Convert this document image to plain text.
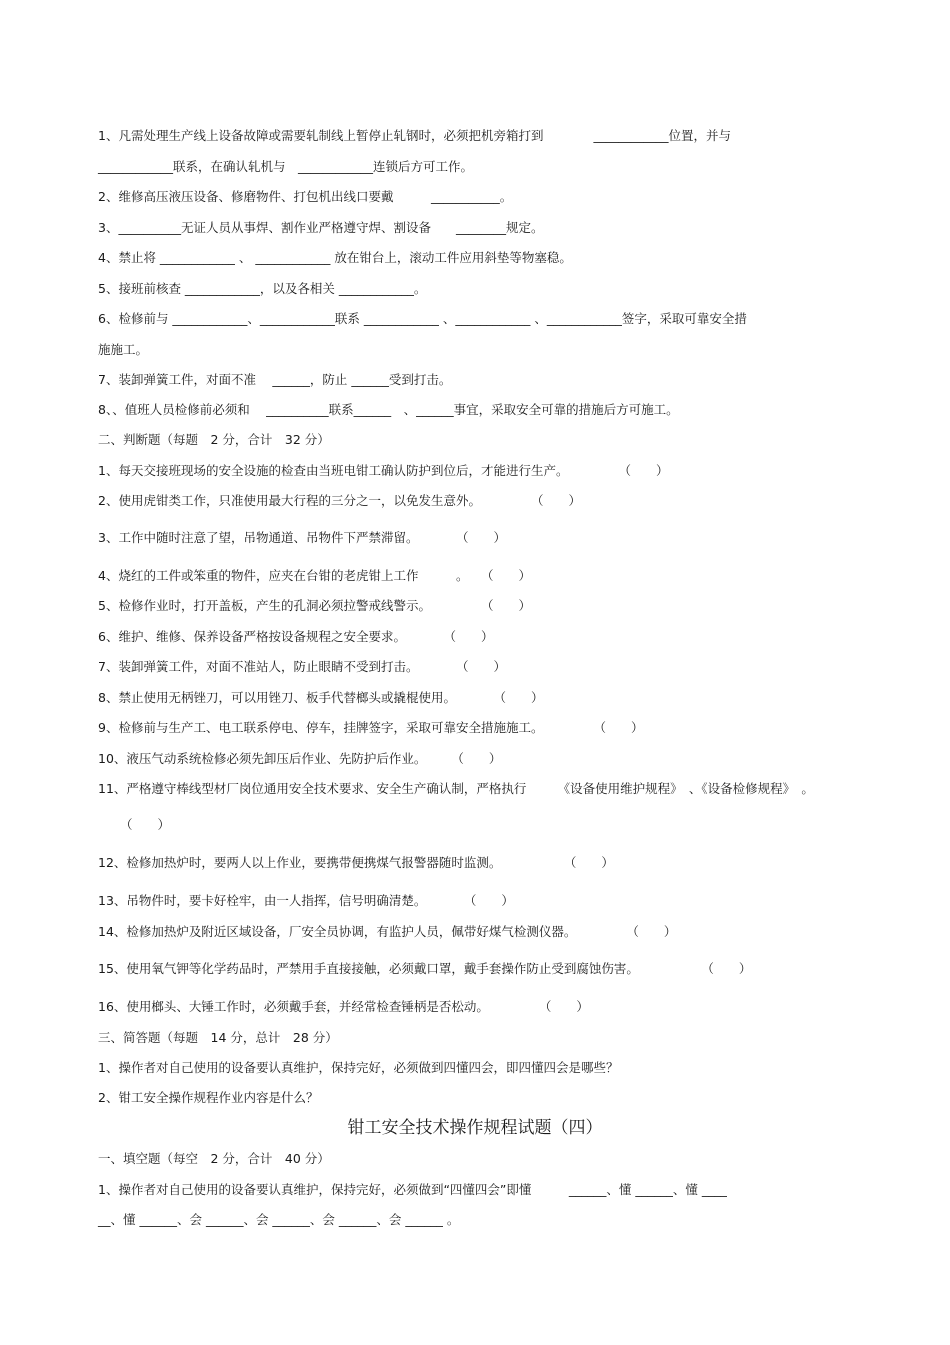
1、凡需处理生产线上设备故障或需要轧制线上暂停止轧钢时，必须把机旁箱打到　　　　____________位置，并与
____________联系，在确认轧机与　____________连锁后方可工作。
2、维修高压液压设备、修磨物件、打包机出线口要戴　　　___________。
3、__________无证人员从事焊、割作业严格遵守焊、割设备　　________规定。
4、禁止将 ____________ 、 ____________ 放在钳台上，滚动工件应用斜垫等物塞稳。
5、接班前核查 ____________，以及各相关 ____________。
6、检修前与 ____________、____________联系 ____________ 、____________ 、____________签字，采取可靠安全措
施施工。
7、装卸弹簧工件，对面不准　 ______，防止 ______受到打击。
8、、值班人员检修前必须和　 __________联系______　、______事宜，采取安全可靠的措施后方可施工。
二、判断题（每题　2 分，合计　32 分）
1、每天交接班现场的安全设施的检查由当班电钳工确认防护到位后，才能进行生产。　　　　　（　　）
2、使用虎钳类工作，只准使用最大行程的三分之一，以免发生意外。　　　　　（　　）
3、工作中随时注意了望，吊物通道、吊物件下严禁滞留。　　　　（　　）
4、烧红的工件或笨重的物件，应夹在台钳的老虎钳上工作　　　。　　（　　）
5、检修作业时，打开盖板，产生的孔洞必须拉警戒线警示。　　　　　（　　）
6、维护、维修、保养设备严格按设备规程之安全要求。　　　　（　　）
7、装卸弹簧工件，对面不准站人，防止眼睛不受到打击。　　　　（　　）
8、禁止使用无柄锉刀，可以用锉刀、板手代替榔头或撬棍使用。　　　　（　　）
9、检修前与生产工、电工联系停电、停车，挂牌签字，采取可靠安全措施施工。　　　　　（　　）
10、液压气动系统检修必须先卸压后作业、先防护后作业。　　　（　　）
11、严格遵守棒线型材厂岗位通用安全技术要求、安全生产确认制，严格执行　　　《设备使用维护规程》　、《设备检修规程》　。
（　　）
12、检修加热炉时，要两人以上作业，要携带便携煤气报警器随时监测。　　　　　　（　　）
13、吊物件时，要卡好栓牢，由一人指挥，信号明确清楚。　　　　（　　）
14、检修加热炉及附近区域设备，厂安全员协调，有监护人员，佩带好煤气检测仪器。　　　　　（　　）
15、使用氧气钾等化学药品时，严禁用手直接接触，必须戴口罩，戴手套操作防止受到腐蚀伤害。　　　　　　（　　）
16、使用榔头、大锤工作时，必须戴手套，并经常检查锤柄是否松动。　　　　　（　　）
三、简答题（每题　14 分，总计　28 分）
1、操作者对自己使用的设备要认真维护，保持完好，必须做到四懂四会，即四懂四会是哪些？
2、钳工安全操作规程作业内容是什么？
钳工安全技术操作规程试题（四）
一、填空题（每空　2 分，合计　40 分）
1、操作者对自己使用的设备要认真维护，保持完好，必须做到“四懂四会”即懂　　　______、懂 ______、懂 ____
__、懂 ______、会 ______、会 ______、会 ______、会 ______ 。
